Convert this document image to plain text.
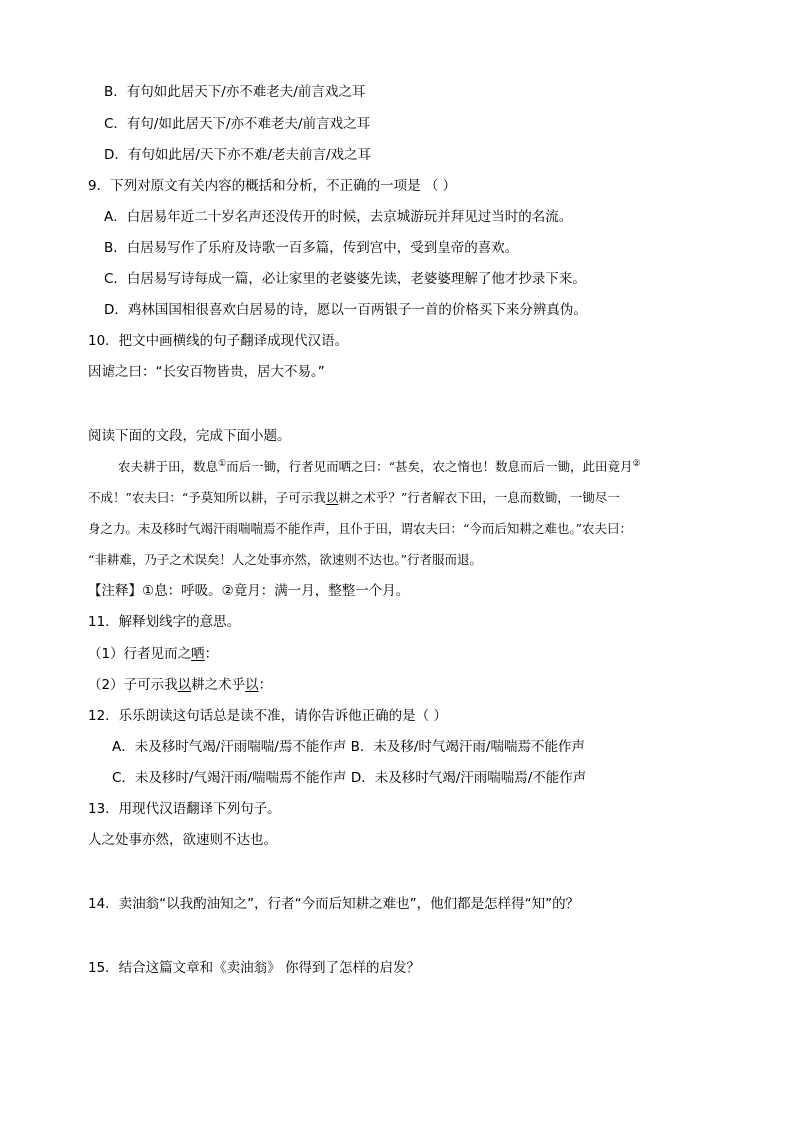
B．有句如此居天下/亦不难老夫/前言戏之耳
C．有句/如此居天下/亦不难老夫/前言戏之耳
D．有句如此居/天下亦不难/老夫前言/戏之耳
9．下列对原文有关内容的概括和分析，不正确的一项是 （ ）
A．白居易年近二十岁名声还没传开的时候，去京城游玩并拜见过当时的名流。
B．白居易写作了乐府及诗歌一百多篇，传到宫中，受到皇帝的喜欢。
C．白居易写诗每成一篇，必让家里的老婆婆先读，老婆婆理解了他才抄录下来。
D．鸡林国国相很喜欢白居易的诗，愿以一百两银子一首的价格买下来分辨真伪。
10．把文中画横线的句子翻译成现代汉语。
因谑之曰：“长安百物皆贵，居大不易。”
阅读下面的文段，完成下面小题。
农夫耕于田，数息①而后一锄，行者见而哂之曰：“甚矣，农之惰也！数息而后一锄，此田竟月②
不成！”农夫曰：“予莫知所以耕，子可示我以耕之术乎？”行者解衣下田，一息而数锄，一锄尽一
身之力。未及移时气竭汗雨喘喘焉不能作声，且仆于田，谓农夫曰：“今而后知耕之难也。”农夫曰：
“非耕难，乃子之术误矣！人之处事亦然，欲速则不达也。”行者服而退。
【注释】①息：呼吸。②竟月：满一月，整整一个月。
11．解释划线字的意思。
（1）行者见而之哂：
（2）子可示我以耕之术乎以：
12．乐乐朗读这句话总是读不准，请你告诉他正确的是（ ）
A．未及移时气竭/汗雨喘喘/焉不能作声 B．未及移/时气竭汗雨/喘喘焉不能作声
C．未及移时/气竭汗雨/喘喘焉不能作声 D．未及移时气竭/汗雨喘喘焉/不能作声
13．用现代汉语翻译下列句子。
人之处事亦然，欲速则不达也。
14．卖油翁“以我酌油知之”，行者“今而后知耕之难也”，他们都是怎样得“知”的？
15．结合这篇文章和《卖油翁》 你得到了怎样的启发？
